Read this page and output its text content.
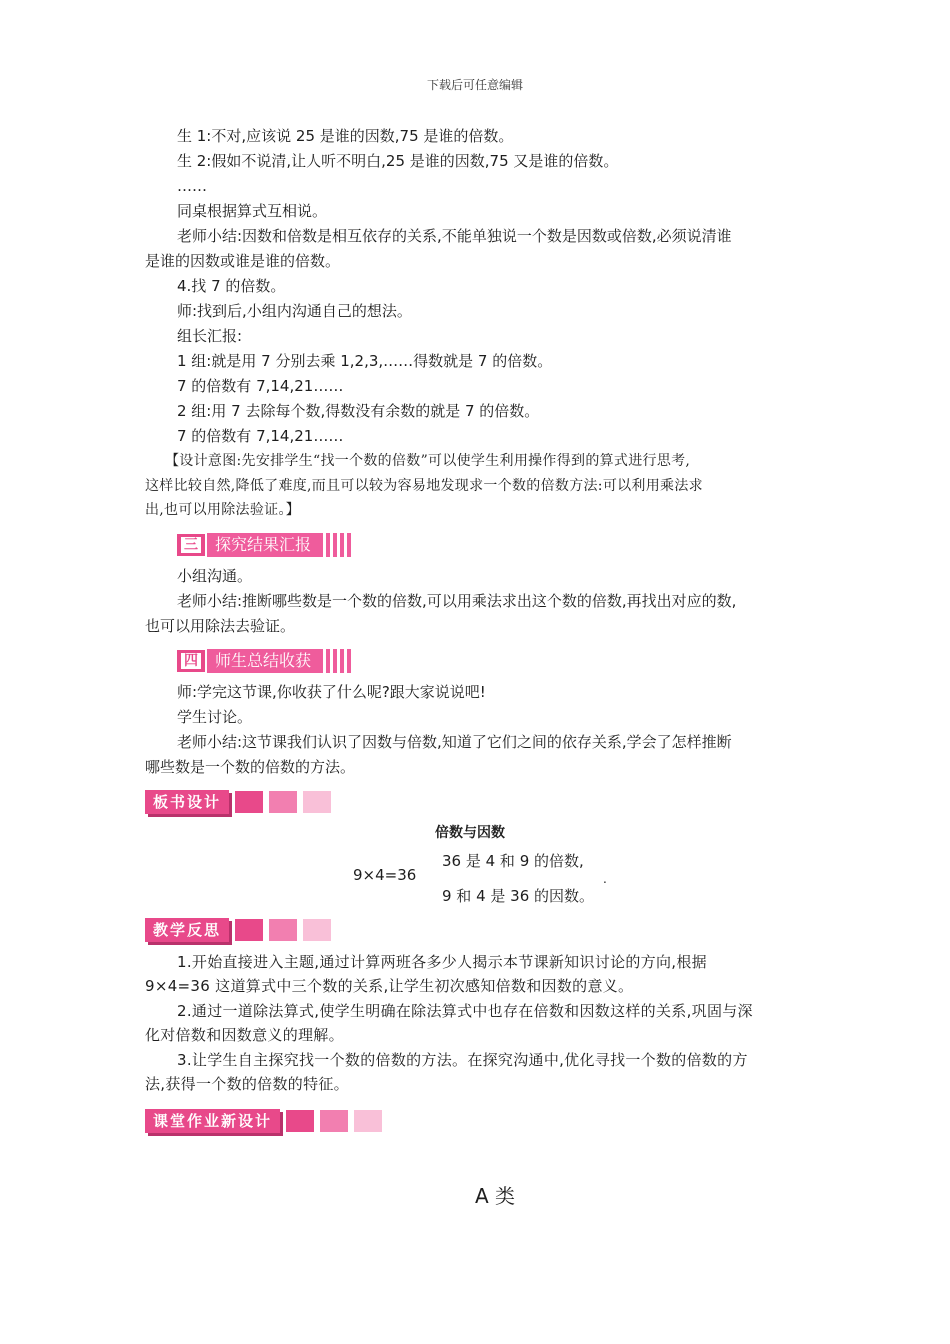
下载后可任意编辑

生 1:不对,应该说 25 是谁的因数,75 是谁的倍数。

生 2:假如不说清,让人听不明白,25 是谁的因数,75 又是谁的倍数。

……

同桌根据算式互相说。

老师小结:因数和倍数是相互依存的关系,不能单独说一个数是因数或倍数,必须说清谁

是谁的因数或谁是谁的倍数。

4.找 7 的倍数。

师:找到后,小组内沟通自己的想法。

组长汇报:

1 组:就是用 7 分别去乘 1,2,3,……得数就是 7 的倍数。

7 的倍数有 7,14,21……

2 组:用 7 去除每个数,得数没有余数的就是 7 的倍数。

7 的倍数有 7,14,21……

【设计意图:先安排学生“找一个数的倍数”可以使学生利用操作得到的算式进行思考,

这样比较自然,降低了难度,而且可以较为容易地发现求一个数的倍数方法:可以利用乘法求

出,也可以用除法验证。】

三	探究结果汇报

小组沟通。

老师小结:推断哪些数是一个数的倍数,可以用乘法求出这个数的倍数,再找出对应的数,

也可以用除法去验证。

四	师生总结收获

师:学完这节课,你收获了什么呢?跟大家说说吧!

学生讨论。

老师小结:这节课我们认识了因数与倍数,知道了它们之间的依存关系,学会了怎样推断

哪些数是一个数的倍数的方法。

板书设计
倍数与因数
9×4=36
36 是 4 和 9 的倍数,
9 和 4 是 36 的因数。
.
教学反思

1.开始直接进入主题,通过计算两班各多少人揭示本节课新知识讨论的方向,根据

9×4=36 这道算式中三个数的关系,让学生初次感知倍数和因数的意义。

2.通过一道除法算式,使学生明确在除法算式中也存在倍数和因数这样的关系,巩固与深

化对倍数和因数意义的理解。

3.让学生自主探究找一个数的倍数的方法。在探究沟通中,优化寻找一个数的倍数的方

法,获得一个数的倍数的特征。

课堂作业新设计
A 类
